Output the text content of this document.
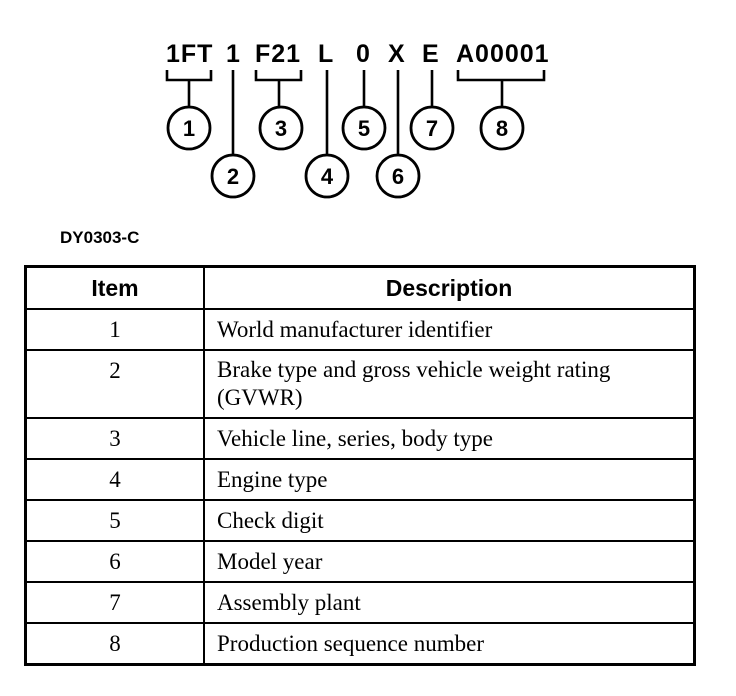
1FT 1 F21 L 0 X E A00001
1
2
3
4
5
6
7	8
DY0303-C
Item	Description
1	World manufacturer identifier
2	Brake type and gross vehicle weight rating (GVWR)
3	Vehicle line, series, body type
4	Engine type
5	Check digit
6	Model year
7	Assembly plant
8	Production sequence number
